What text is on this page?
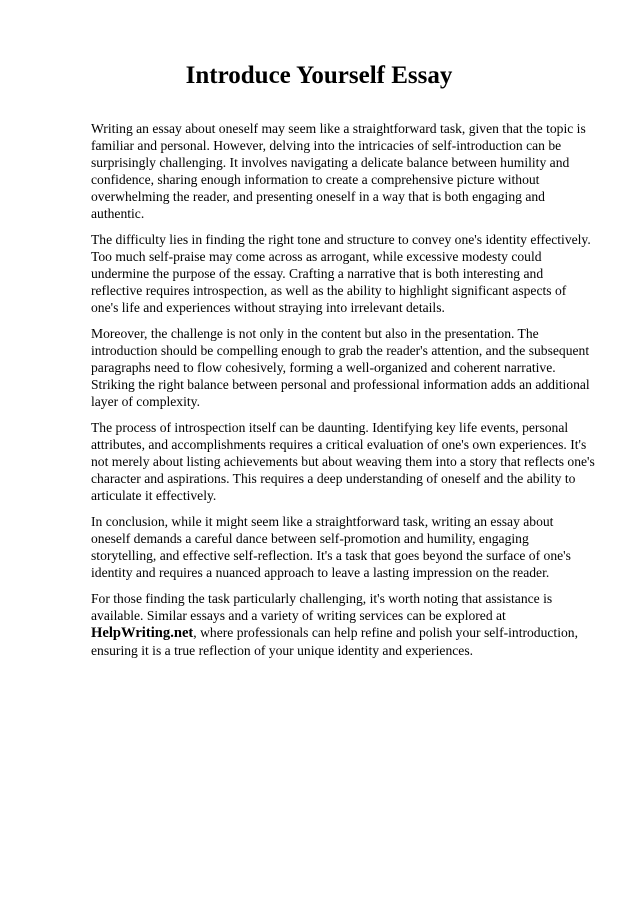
Introduce Yourself Essay

Writing an essay about oneself may seem like a straightforward task, given that the topic is familiar and personal. However, delving into the intricacies of self-introduction can be surprisingly challenging. It involves navigating a delicate balance between humility and confidence, sharing enough information to create a comprehensive picture without overwhelming the reader, and presenting oneself in a way that is both engaging and authentic.

The difficulty lies in finding the right tone and structure to convey one's identity effectively. Too much self-praise may come across as arrogant, while excessive modesty could undermine the purpose of the essay. Crafting a narrative that is both interesting and reflective requires introspection, as well as the ability to highlight significant aspects of one's life and experiences without straying into irrelevant details.

Moreover, the challenge is not only in the content but also in the presentation. The introduction should be compelling enough to grab the reader's attention, and the subsequent paragraphs need to flow cohesively, forming a well-organized and coherent narrative. Striking the right balance between personal and professional information adds an additional layer of complexity.

The process of introspection itself can be daunting. Identifying key life events, personal attributes, and accomplishments requires a critical evaluation of one's own experiences. It's not merely about listing achievements but about weaving them into a story that reflects one's character and aspirations. This requires a deep understanding of oneself and the ability to articulate it effectively.

In conclusion, while it might seem like a straightforward task, writing an essay about oneself demands a careful dance between self-promotion and humility, engaging storytelling, and effective self-reflection. It's a task that goes beyond the surface of one's identity and requires a nuanced approach to leave a lasting impression on the reader.

For those finding the task particularly challenging, it's worth noting that assistance is available. Similar essays and a variety of writing services can be explored at HelpWriting.net, where professionals can help refine and polish your self-introduction, ensuring it is a true reflection of your unique identity and experiences.
